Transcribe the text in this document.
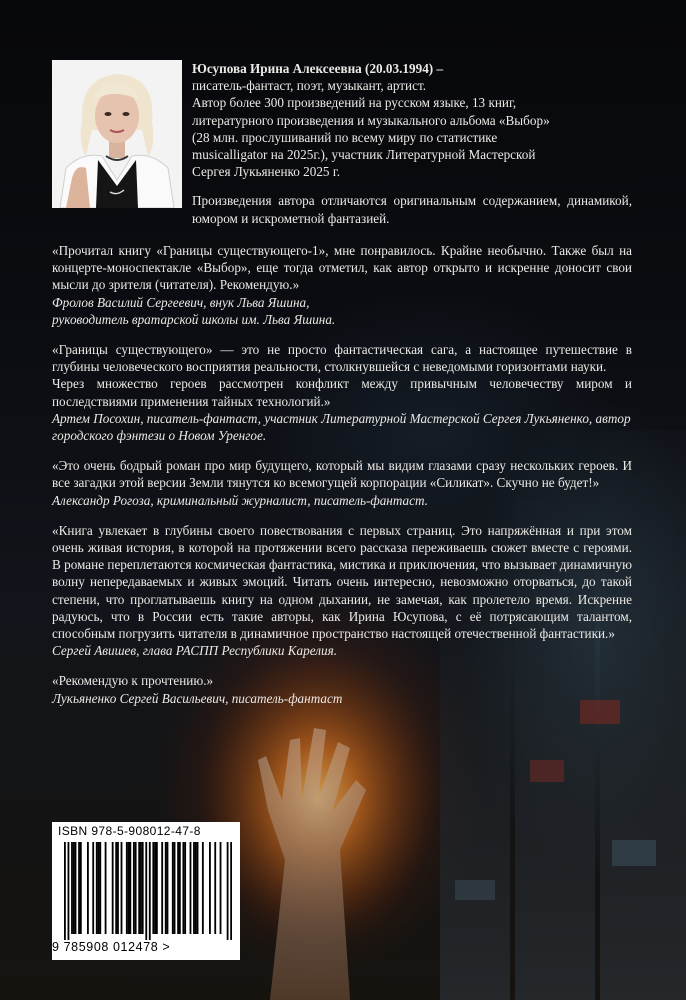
Юсупова Ирина Алексеевна (20.03.1994) –

писатель-фантаст, поэт, музыкант, артист.

Автор более 300 произведений на русском языке, 13 книг,

литературного произведения и музыкального альбома «Выбор»

(28 млн. прослушиваний по всему миру по статистике

musicalligator на 2025г.), участник Литературной Мастерской

Сергея Лукьяненко 2025 г.

Произведения автора отличаются оригинальным содержанием, динамикой, юмором и искрометной фантазией.

«Прочитал книгу «Границы существующего-1», мне понравилось. Крайне необычно. Также был на концерте-моноспектакле «Выбор», еще тогда отметил, как автор открыто и искренне доносит свои мысли до зрителя (читателя). Рекомендую.»

Фролов Василий Сергеевич, внук Льва Яшина,

руководитель вратарской школы им. Льва Яшина.

«Границы существующего» — это не просто фантастическая сага, а настоящее путешествие в глубины человеческого восприятия реальности, столкнувшейся с неведомыми горизонтами науки.

Через множество героев рассмотрен конфликт между привычным человечеству миром и последствиями применения тайных технологий.»

Артем Посохин, писатель-фантаст, участник Литературной Мастерской Сергея Лукьяненко, автор городского фэнтези о Новом Уренгое.

«Это очень бодрый роман про мир будущего, который мы видим глазами сразу нескольких героев. И все загадки этой версии Земли тянутся ко всемогущей корпорации «Силикат». Скучно не будет!»

Александр Рогоза, криминальный журналист, писатель-фантаст.

«Книга увлекает в глубины своего повествования с первых страниц. Это напряжённая и при этом очень живая история, в которой на протяжении всего рассказа переживаешь сюжет вместе с героями. В романе переплетаются космическая фантастика, мистика и приключения, что вызывает динамичную волну непередаваемых и живых эмоций. Читать очень интересно, невозможно оторваться, до такой степени, что проглатываешь книгу на одном дыхании, не замечая, как пролетело время. Искренне радуюсь, что в России есть такие авторы, как Ирина Юсупова, с её потрясающим талантом, способным погрузить читателя в динамичное пространство настоящей отечественной фантастики.»

Сергей Авишев, глава РАСПП Республики Карелия.

«Рекомендую к прочтению.»

Лукьяненко Сергей Васильевич, писатель-фантаст

ISBN 978-5-908012-47-8
9 785908 012478 >
